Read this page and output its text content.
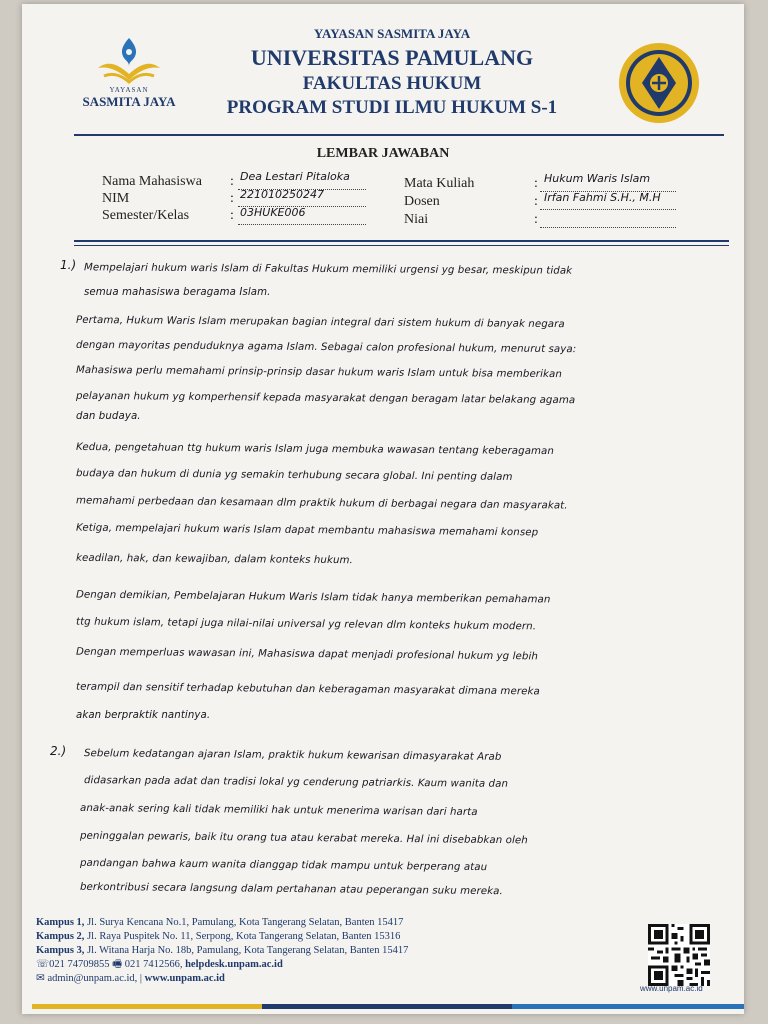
YAYASAN
SASMITA JAYA
YAYASAN SASMITA JAYA
UNIVERSITAS PAMULANG
FAKULTAS HUKUM
PROGRAM STUDI ILMU HUKUM S-1
LEMBAR JAWABAN
Nama Mahasiswa : Dea Lestari Pitaloka
NIM	: 221010250247
Semester/Kelas	: 03HUKE006
Mata Kuliah	: Hukum Waris Islam
Dosen	: Irfan Fahmi S.H., M.H
Niai	:
1.) Mempelajari hukum waris Islam di Fakultas Hukum memiliki urgensi yg besar, meskipun tidak
semua mahasiswa beragama Islam.
Pertama, Hukum Waris Islam merupakan bagian integral dari sistem hukum di banyak negara
dengan mayoritas penduduknya agama Islam. Sebagai calon profesional hukum, menurut saya:
Mahasiswa perlu memahami prinsip-prinsip dasar hukum waris Islam untuk bisa memberikan
pelayanan hukum yg komperhensif kepada masyarakat dengan beragam latar belakang agama
dan budaya.
Kedua, pengetahuan ttg hukum waris Islam juga membuka wawasan tentang keberagaman
budaya dan hukum di dunia yg semakin terhubung secara global. Ini penting dalam
memahami perbedaan dan kesamaan dlm praktik hukum di berbagai negara dan masyarakat.
Ketiga, mempelajari hukum waris Islam dapat membantu mahasiswa memahami konsep
keadilan, hak, dan kewajiban, dalam konteks hukum.
Dengan demikian, Pembelajaran Hukum Waris Islam tidak hanya memberikan pemahaman
ttg hukum islam, tetapi juga nilai-nilai universal yg relevan dlm konteks hukum modern.
Dengan memperluas wawasan ini, Mahasiswa dapat menjadi profesional hukum yg lebih
terampil dan sensitif terhadap kebutuhan dan keberagaman masyarakat dimana mereka
akan berpraktik nantinya.
2.) Sebelum kedatangan ajaran Islam, praktik hukum kewarisan dimasyarakat Arab
didasarkan pada adat dan tradisi lokal yg cenderung patriarkis. Kaum wanita dan
anak-anak sering kali tidak memiliki hak untuk menerima warisan dari harta
peninggalan pewaris, baik itu orang tua atau kerabat mereka. Hal ini disebabkan oleh
pandangan bahwa kaum wanita dianggap tidak mampu untuk berperang atau
berkontribusi secara langsung dalam pertahanan atau peperangan suku mereka.
Kampus 1, Jl. Surya Kencana No.1, Pamulang, Kota Tangerang Selatan, Banten 15417
Kampus 2, Jl. Raya Puspitek No. 11, Serpong, Kota Tangerang Selatan, Banten 15316
Kampus 3, Jl. Witana Harja No. 18b, Pamulang, Kota Tangerang Selatan, Banten 15417
☏021 74709855 🖷 021 7412566, helpdesk.unpam.ac.id
✉ admin@unpam.ac.id, | www.unpam.ac.id
www.unpam.ac.id
